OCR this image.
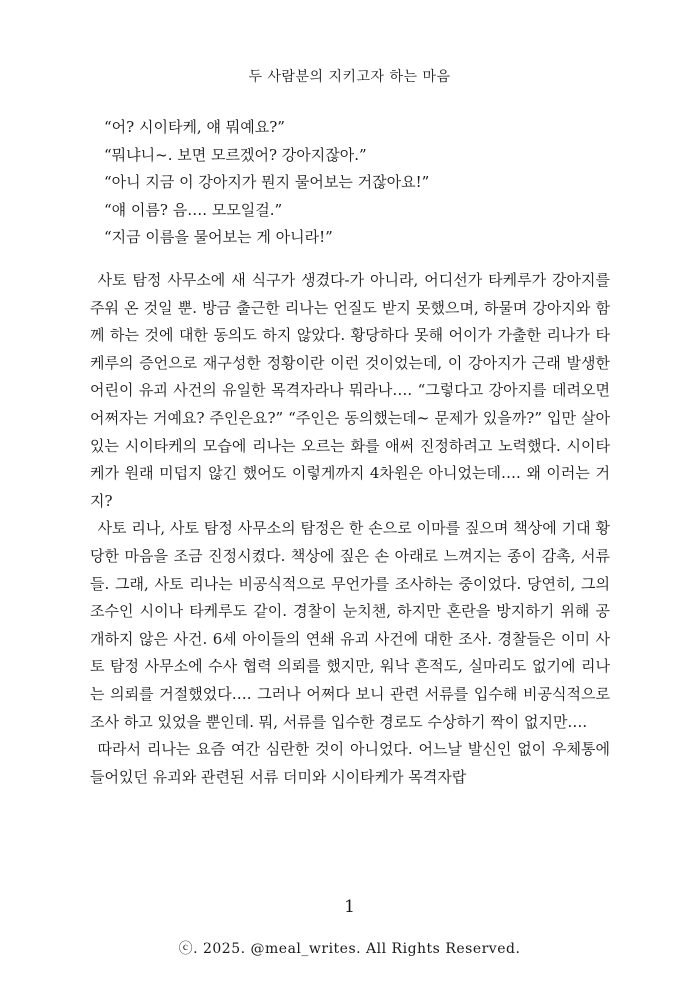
두 사람분의 지키고자 하는 마음
“어? 시이타케, 얘 뭐예요?”
“뭐냐니~. 보면 모르겠어? 강아지잖아.”
“아니 지금 이 강아지가 뭔지 물어보는 거잖아요!”
“얘 이름? 음…. 모모일걸.”
“지금 이름을 물어보는 게 아니라!”

사토 탐정 사무소에 새 식구가 생겼다-가 아니라, 어디선가 타케루가 강아지를 주워 온 것일 뿐. 방금 출근한 리나는 언질도 받지 못했으며, 하물며 강아지와 함께 하는 것에 대한 동의도 하지 않았다. 황당하다 못해 어이가 가출한 리나가 타케루의 증언으로 재구성한 정황이란 이런 것이었는데, 이 강아지가 근래 발생한 어린이 유괴 사건의 유일한 목격자라나 뭐라나…. “그렇다고 강아지를 데려오면 어쩌자는 거예요? 주인은요?” “주인은 동의했는데~ 문제가 있을까?” 입만 살아있는 시이타케의 모습에 리나는 오르는 화를 애써 진정하려고 노력했다. 시이타케가 원래 미덥지 않긴 했어도 이렇게까지 4차원은 아니었는데…. 왜 이러는 거지?

사토 리나, 사토 탐정 사무소의 탐정은 한 손으로 이마를 짚으며 책상에 기대 황당한 마음을 조금 진정시켰다. 책상에 짚은 손 아래로 느껴지는 종이 감촉, 서류들. 그래, 사토 리나는 비공식적으로 무언가를 조사하는 중이었다. 당연히, 그의 조수인 시이나 타케루도 같이. 경찰이 눈치챈, 하지만 혼란을 방지하기 위해 공개하지 않은 사건. 6세 아이들의 연쇄 유괴 사건에 대한 조사. 경찰들은 이미 사토 탐정 사무소에 수사 협력 의뢰를 했지만, 워낙 흔적도, 실마리도 없기에 리나는 의뢰를 거절했었다…. 그러나 어쩌다 보니 관련 서류를 입수해 비공식적으로 조사 하고 있었을 뿐인데. 뭐, 서류를 입수한 경로도 수상하기 짝이 없지만….

따라서 리나는 요즘 여간 심란한 것이 아니었다. 어느날 발신인 없이 우체통에 들어있던 유괴와 관련된 서류 더미와 시이타케가 목격자랍

1
ⓒ. 2025. @meal_writes. All Rights Reserved.
